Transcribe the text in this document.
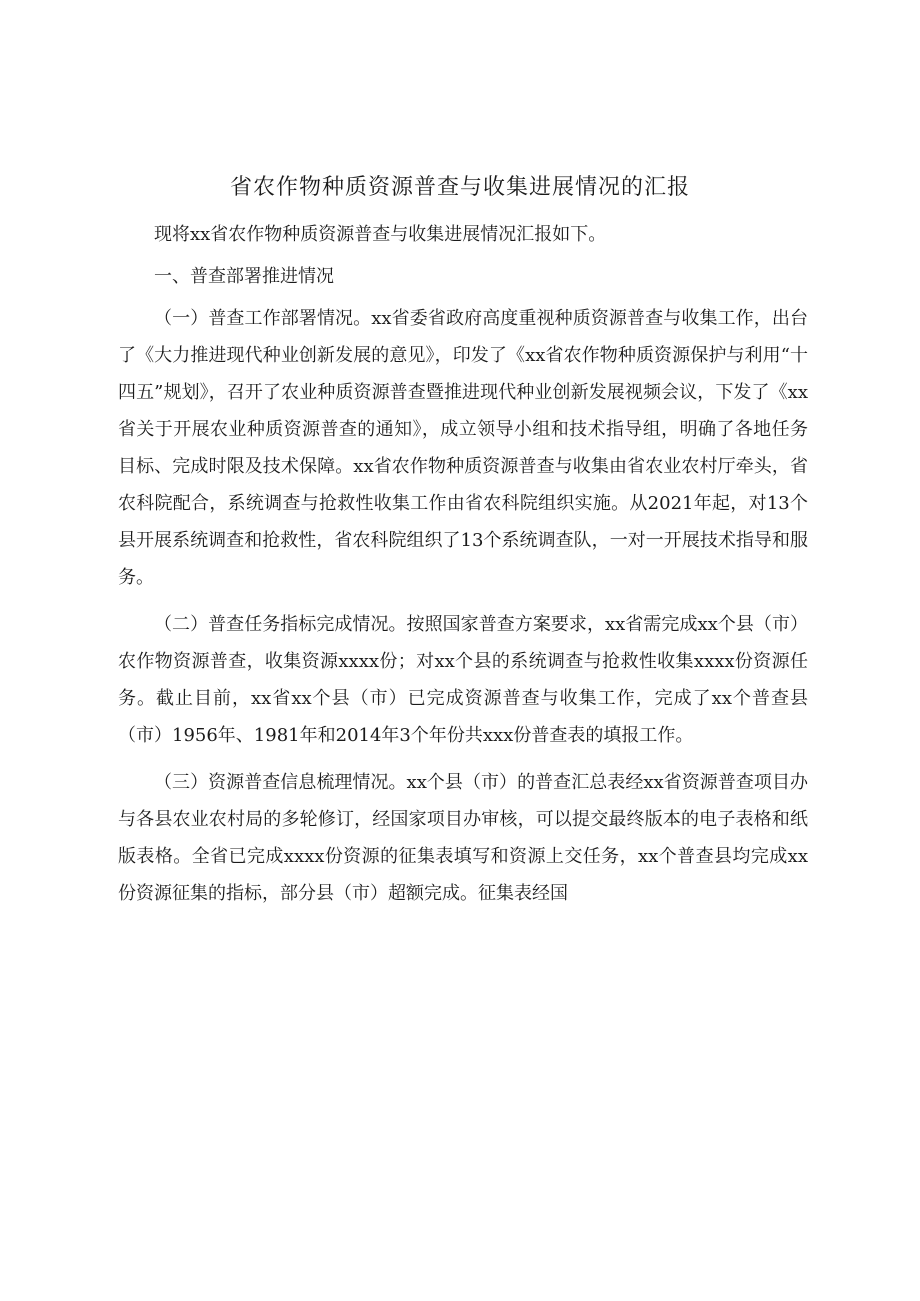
省农作物种质资源普查与收集进展情况的汇报

现将xx省农作物种质资源普查与收集进展情况汇报如下。

一、普查部署推进情况

（一）普查工作部署情况。xx省委省政府高度重视种质资源普查与收集工作，出台了《大力推进现代种业创新发展的意见》，印发了《xx省农作物种质资源保护与利用“十四五”规划》，召开了农业种质资源普查暨推进现代种业创新发展视频会议，下发了《xx省关于开展农业种质资源普查的通知》，成立领导小组和技术指导组，明确了各地任务目标、完成时限及技术保障。xx省农作物种质资源普查与收集由省农业农村厅牵头，省农科院配合，系统调查与抢救性收集工作由省农科院组织实施。从2021年起，对13个县开展系统调查和抢救性，省农科院组织了13个系统调查队，一对一开展技术指导和服务。

（二）普查任务指标完成情况。按照国家普查方案要求，xx省需完成xx个县（市）农作物资源普查，收集资源xxxx份；对xx个县的系统调查与抢救性收集xxxx份资源任务。截止目前，xx省xx个县（市）已完成资源普查与收集工作，完成了xx个普查县（市）1956年、1981年和2014年3个年份共xxx份普查表的填报工作。

（三）资源普查信息梳理情况。xx个县（市）的普查汇总表经xx省资源普查项目办与各县农业农村局的多轮修订，经国家项目办审核，可以提交最终版本的电子表格和纸版表格。全省已完成xxxx份资源的征集表填写和资源上交任务，xx个普查县均完成xx份资源征集的指标，部分县（市）超额完成。征集表经国
